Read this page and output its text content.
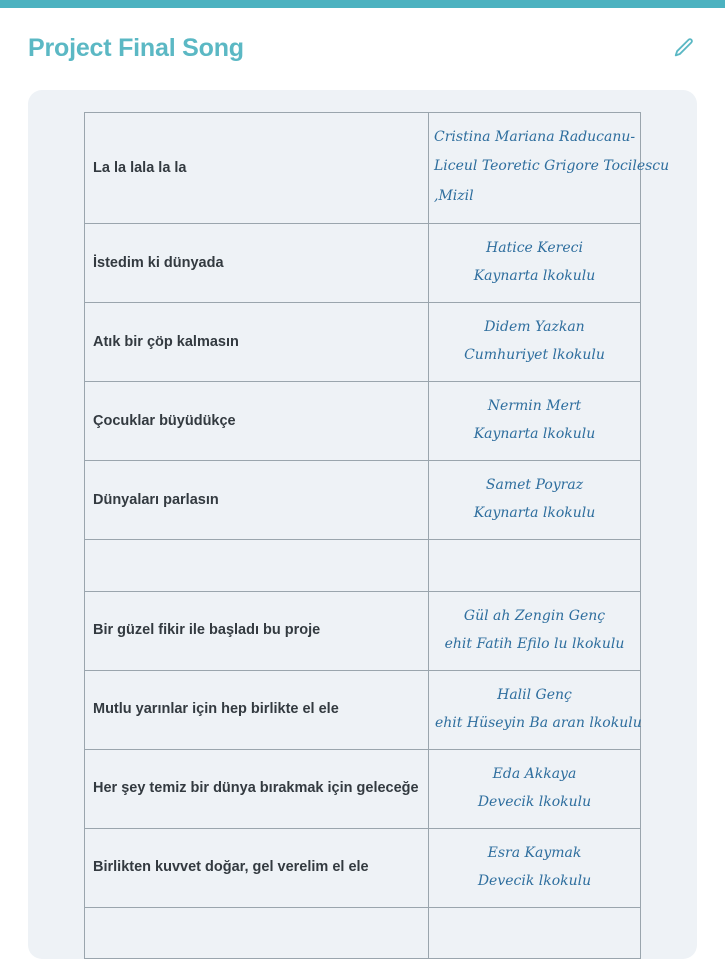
Project Final Song
La la lala la la	Cristina Mariana Raducanu-
Liceul Teoretic Grigore Tocilescu
,Mizil

İstedim ki dünyada	Hatice Kereci
Kaynarta lkokulu

Atık bir çöp kalmasın	Didem Yazkan
Cumhuriyet lkokulu

Çocuklar büyüdükçe	Nermin Mert
Kaynarta lkokulu

Dünyaları parlasın	Samet Poyraz
Kaynarta lkokulu

Bir güzel fikir ile başladı bu proje	Gül ah Zengin Genç
ehit Fatih Efilo lu lkokulu

Mutlu yarınlar için hep birlikte el ele	Halil Genç
ehit Hüseyin Ba aran lkokulu

Her şey temiz bir dünya bırakmak için geleceğe	Eda Akkaya
Devecik lkokulu

Birlikten kuvvet doğar, gel verelim el ele	Esra Kaymak
Devecik lkokulu
